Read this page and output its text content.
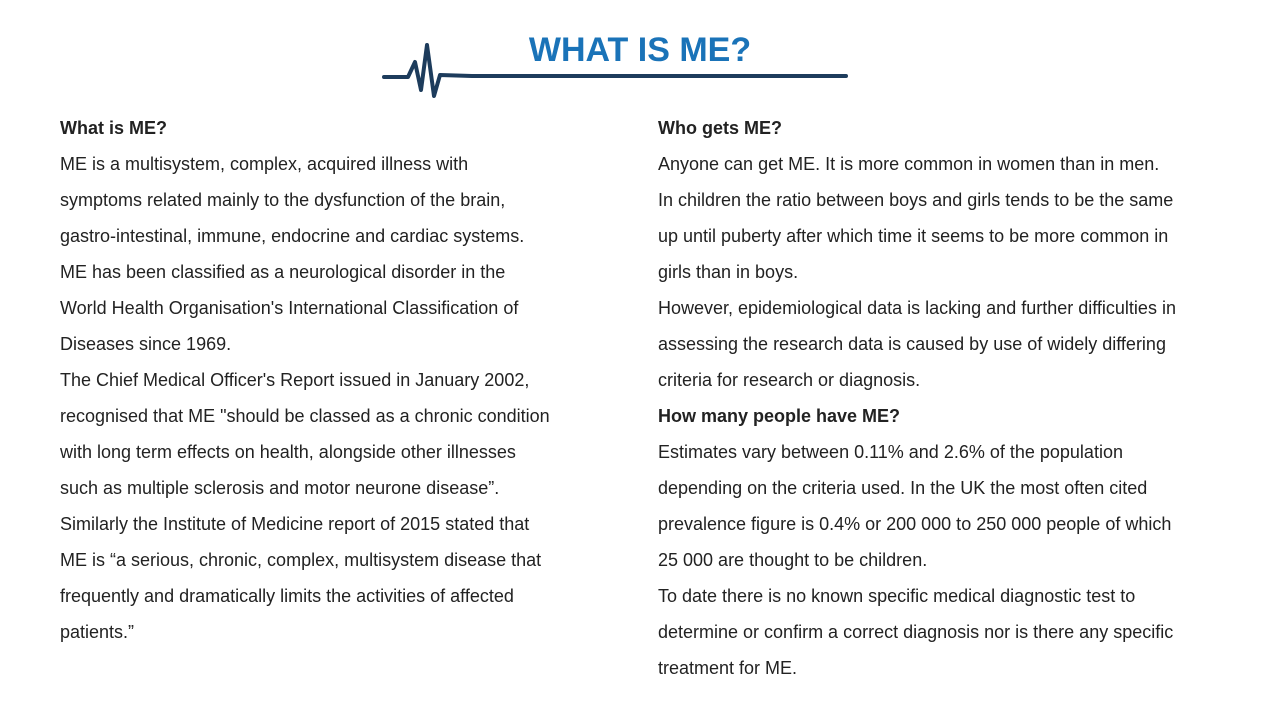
WHAT IS ME?
What is ME?
ME is a multisystem, complex, acquired illness with
symptoms related mainly to the dysfunction of the brain,
gastro-intestinal, immune, endocrine and cardiac systems.
ME has been classified as a neurological disorder in the
World Health Organisation's International Classification of
Diseases since 1969.
The Chief Medical Officer's Report issued in January 2002,
recognised that ME "should be classed as a chronic condition
with long term effects on health, alongside other illnesses
such as multiple sclerosis and motor neurone disease”.
Similarly the Institute of Medicine report of 2015 stated that
ME is “a serious, chronic, complex, multisystem disease that
frequently and dramatically limits the activities of affected
patients.”
Who gets ME?
Anyone can get ME. It is more common in women than in men.
In children the ratio between boys and girls tends to be the same
up until puberty after which time it seems to be more common in
girls than in boys.
However, epidemiological data is lacking and further difficulties in
assessing the research data is caused by use of widely differing
criteria for research or diagnosis.
How many people have ME?
Estimates vary between 0.11% and 2.6% of the population
depending on the criteria used. In the UK the most often cited
prevalence figure is 0.4% or 200 000 to 250 000 people of which
25 000 are thought to be children.
To date there is no known specific medical diagnostic test to
determine or confirm a correct diagnosis nor is there any specific
treatment for ME.
